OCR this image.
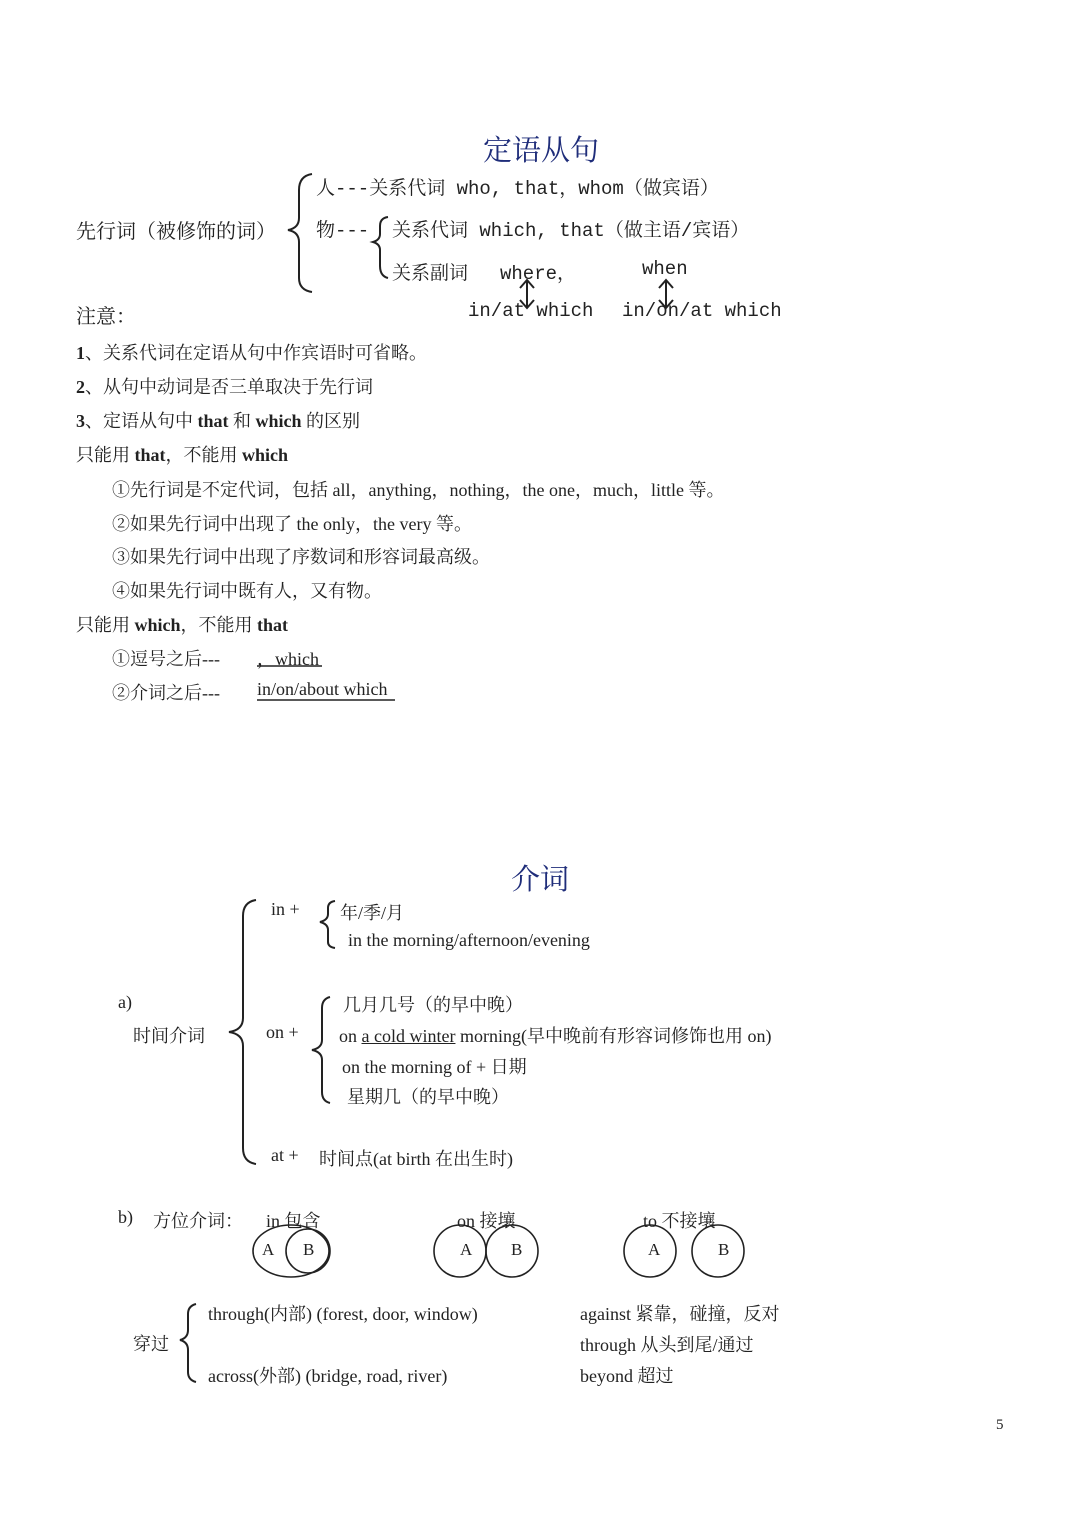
定语从句
人---关系代词 who, that，whom（做宾语）
先行词（被修饰的词） 物--- 关系代词 which, that（做主语/宾语）
关系副词 where，	when
注意：	in/at which in/on/at which
1、关系代词在定语从句中作宾语时可省略。
2、从句中动词是否三单取决于先行词
3、定语从句中 that 和 which 的区别
只能用 that，不能用 which
①先行词是不定代词，包括 all，anything，nothing，the one，much，little 等。
②如果先行词中出现了 the only，the very 等。
③如果先行词中出现了序数词和形容词最高级。
④如果先行词中既有人，又有物。
只能用 which，不能用 that
①逗号之后--- ，which
②介词之后--- in/on/about which
介词
in + 年/季/月
in the morning/afternoon/evening
a)
时间介词	on +
几月几号（的早中晚）
on a cold winter morning(早中晚前有形容词修饰也用 on)
on the morning of + 日期
星期几（的早中晚）
at + 时间点(at birth 在出生时)
b) 方位介词： in 包含	on 接壤	to 不接壤
A B	A B	A	B
穿过
through(内部) (forest, door, window)
across(外部) (bridge, road, river)
against 紧靠，碰撞，反对
through 从头到尾/通过
beyond 超过
5
